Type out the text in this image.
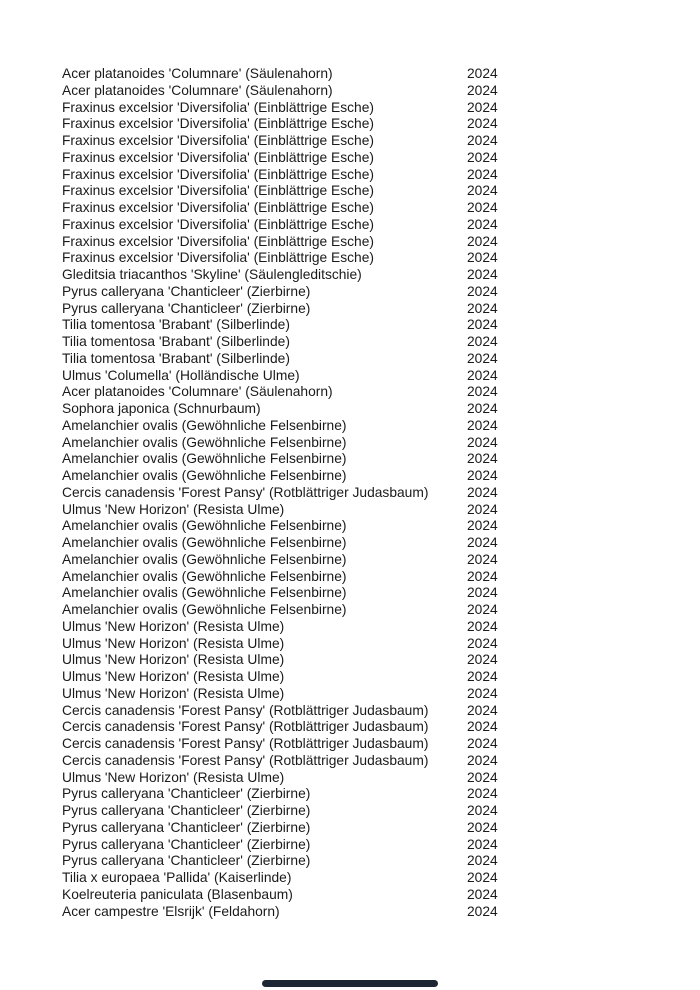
Acer platanoides 'Columnare' (Säulenahorn)	2024
Acer platanoides 'Columnare' (Säulenahorn)	2024
Fraxinus excelsior 'Diversifolia' (Einblättrige Esche)	2024
Fraxinus excelsior 'Diversifolia' (Einblättrige Esche)	2024
Fraxinus excelsior 'Diversifolia' (Einblättrige Esche)	2024
Fraxinus excelsior 'Diversifolia' (Einblättrige Esche)	2024
Fraxinus excelsior 'Diversifolia' (Einblättrige Esche)	2024
Fraxinus excelsior 'Diversifolia' (Einblättrige Esche)	2024
Fraxinus excelsior 'Diversifolia' (Einblättrige Esche)	2024
Fraxinus excelsior 'Diversifolia' (Einblättrige Esche)	2024
Fraxinus excelsior 'Diversifolia' (Einblättrige Esche)	2024
Fraxinus excelsior 'Diversifolia' (Einblättrige Esche)	2024
Gleditsia triacanthos 'Skyline' (Säulengleditschie)	2024
Pyrus calleryana 'Chanticleer' (Zierbirne)	2024
Pyrus calleryana 'Chanticleer' (Zierbirne)	2024
Tilia tomentosa 'Brabant' (Silberlinde)	2024
Tilia tomentosa 'Brabant' (Silberlinde)	2024
Tilia tomentosa 'Brabant' (Silberlinde)	2024
Ulmus 'Columella' (Holländische Ulme)	2024
Acer platanoides 'Columnare' (Säulenahorn)	2024
Sophora japonica (Schnurbaum)	2024
Amelanchier ovalis (Gewöhnliche Felsenbirne)	2024
Amelanchier ovalis (Gewöhnliche Felsenbirne)	2024
Amelanchier ovalis (Gewöhnliche Felsenbirne)	2024
Amelanchier ovalis (Gewöhnliche Felsenbirne)	2024
Cercis canadensis 'Forest Pansy' (Rotblättriger Judasbaum)	2024
Ulmus 'New Horizon' (Resista Ulme)	2024
Amelanchier ovalis (Gewöhnliche Felsenbirne)	2024
Amelanchier ovalis (Gewöhnliche Felsenbirne)	2024
Amelanchier ovalis (Gewöhnliche Felsenbirne)	2024
Amelanchier ovalis (Gewöhnliche Felsenbirne)	2024
Amelanchier ovalis (Gewöhnliche Felsenbirne)	2024
Amelanchier ovalis (Gewöhnliche Felsenbirne)	2024
Ulmus 'New Horizon' (Resista Ulme)	2024
Ulmus 'New Horizon' (Resista Ulme)	2024
Ulmus 'New Horizon' (Resista Ulme)	2024
Ulmus 'New Horizon' (Resista Ulme)	2024
Ulmus 'New Horizon' (Resista Ulme)	2024
Cercis canadensis 'Forest Pansy' (Rotblättriger Judasbaum)	2024
Cercis canadensis 'Forest Pansy' (Rotblättriger Judasbaum)	2024
Cercis canadensis 'Forest Pansy' (Rotblättriger Judasbaum)	2024
Cercis canadensis 'Forest Pansy' (Rotblättriger Judasbaum)	2024
Ulmus 'New Horizon' (Resista Ulme)	2024
Pyrus calleryana 'Chanticleer' (Zierbirne)	2024
Pyrus calleryana 'Chanticleer' (Zierbirne)	2024
Pyrus calleryana 'Chanticleer' (Zierbirne)	2024
Pyrus calleryana 'Chanticleer' (Zierbirne)	2024
Pyrus calleryana 'Chanticleer' (Zierbirne)	2024
Tilia x europaea 'Pallida' (Kaiserlinde)	2024
Koelreuteria paniculata (Blasenbaum)	2024
Acer campestre 'Elsrijk' (Feldahorn)	2024
